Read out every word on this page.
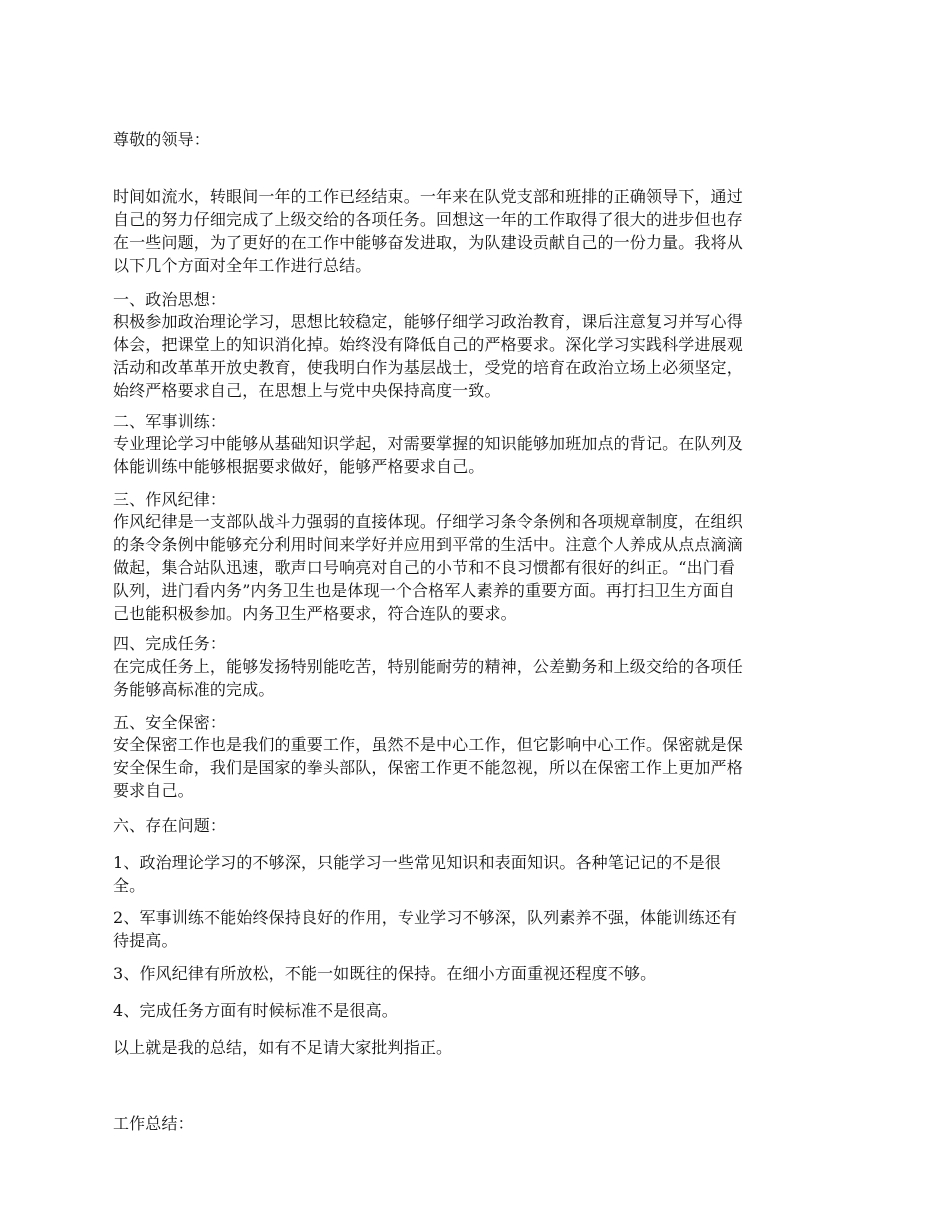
尊敬的领导：
时间如流水，转眼间一年的工作已经结束。一年来在队党支部和班排的正确领导下，通过
自己的努力仔细完成了上级交给的各项任务。回想这一年的工作取得了很大的进步但也存
在一些问题，为了更好的在工作中能够奋发进取，为队建设贡献自己的一份力量。我将从
以下几个方面对全年工作进行总结。
一、政治思想：
积极参加政治理论学习，思想比较稳定，能够仔细学习政治教育，课后注意复习并写心得
体会，把课堂上的知识消化掉。始终没有降低自己的严格要求。深化学习实践科学进展观
活动和改革革开放史教育，使我明白作为基层战士，受党的培育在政治立场上必须坚定，
始终严格要求自己，在思想上与党中央保持高度一致。
二、军事训练：
专业理论学习中能够从基础知识学起，对需要掌握的知识能够加班加点的背记。在队列及
体能训练中能够根据要求做好，能够严格要求自己。
三、作风纪律：
作风纪律是一支部队战斗力强弱的直接体现。仔细学习条令条例和各项规章制度，在组织
的条令条例中能够充分利用时间来学好并应用到平常的生活中。注意个人养成从点点滴滴
做起，集合站队迅速，歌声口号响亮对自己的小节和不良习惯都有很好的纠正。“出门看
队列，进门看内务”内务卫生也是体现一个合格军人素养的重要方面。再打扫卫生方面自
己也能积极参加。内务卫生严格要求，符合连队的要求。
四、完成任务：
在完成任务上，能够发扬特别能吃苦，特别能耐劳的精神，公差勤务和上级交给的各项任
务能够高标准的完成。
五、安全保密：
安全保密工作也是我们的重要工作，虽然不是中心工作，但它影响中心工作。保密就是保
安全保生命，我们是国家的拳头部队，保密工作更不能忽视，所以在保密工作上更加严格
要求自己。
六、存在问题：
1、政治理论学习的不够深，只能学习一些常见知识和表面知识。各种笔记记的不是很
全。
2、军事训练不能始终保持良好的作用，专业学习不够深，队列素养不强，体能训练还有
待提高。
3、作风纪律有所放松，不能一如既往的保持。在细小方面重视还程度不够。
4、完成任务方面有时候标准不是很高。
以上就是我的总结，如有不足请大家批判指正。
工作总结：
